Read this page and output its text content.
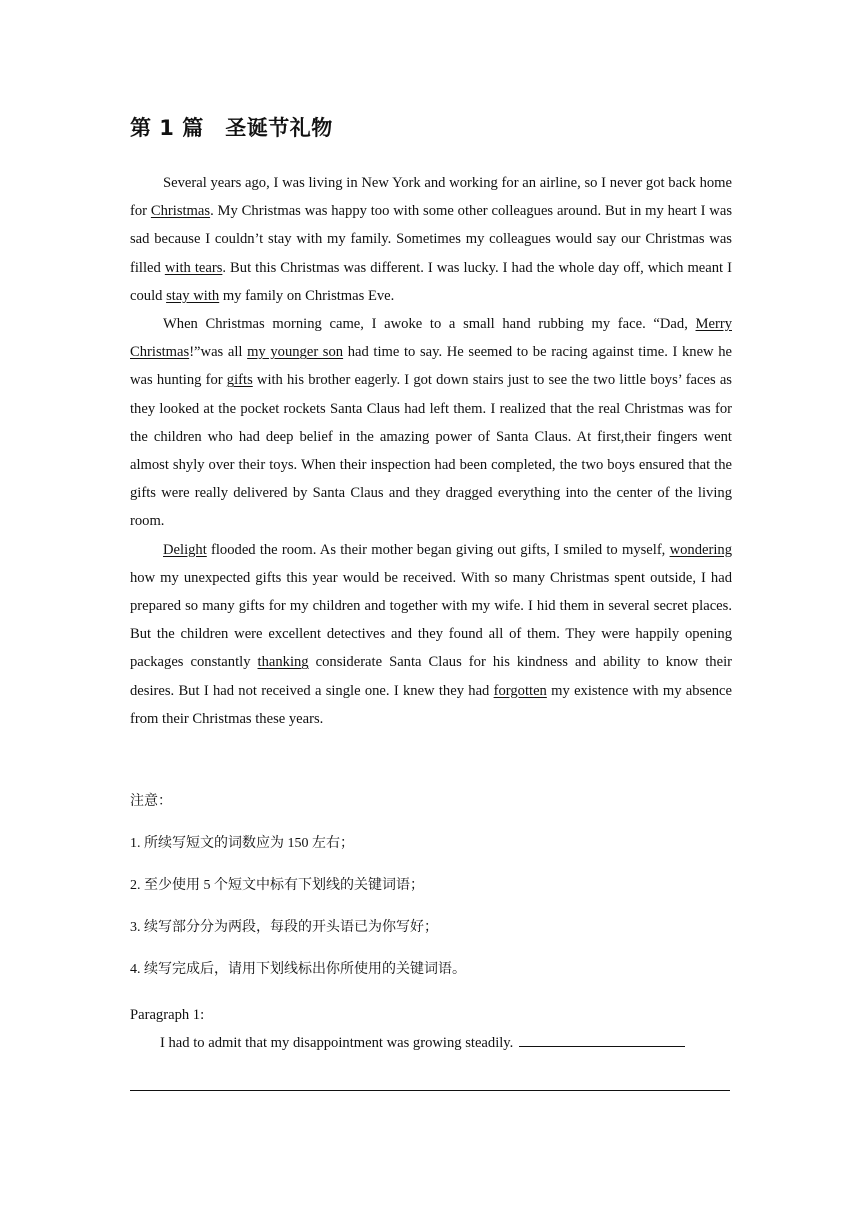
第 1 篇　圣诞节礼物

Several years ago, I was living in New York and working for an airline, so I never got back home for Christmas. My Christmas was happy too with some other colleagues around. But in my heart I was sad because I couldn’t stay with my family. Sometimes my colleagues would say our Christmas was filled with tears. But this Christmas was different. I was lucky. I had the whole day off, which meant I could stay with my family on Christmas Eve.

When Christmas morning came, I awoke to a small hand rubbing my face. “Dad, Merry Christmas!”was all my younger son had time to say. He seemed to be racing against time. I knew he was hunting for gifts with his brother eagerly. I got down stairs just to see the two little boys’ faces as they looked at the pocket rockets Santa Claus had left them. I realized that the real Christmas was for the children who had deep belief in the amazing power of Santa Claus. At first,their fingers went almost shyly over their toys. When their inspection had been completed, the two boys ensured that the gifts were really delivered by Santa Claus and they dragged everything into the center of the living room.

Delight flooded the room. As their mother began giving out gifts, I smiled to myself, wondering how my unexpected gifts this year would be received. With so many Christmas spent outside, I had prepared so many gifts for my children and together with my wife. I hid them in several secret places. But the children were excellent detectives and they found all of them. They were happily opening packages constantly thanking considerate Santa Claus for his kindness and ability to know their desires. But I had not received a single one. I knew they had forgotten my existence with my absence from their Christmas these years.

注意：
1. 所续写短文的词数应为 150 左右；
2. 至少使用 5 个短文中标有下划线的关键词语；
3. 续写部分分为两段，每段的开头语已为你写好；
4. 续写完成后，请用下划线标出你所使用的关键词语。
Paragraph 1:
I had to admit that my disappointment was growing steadily.
